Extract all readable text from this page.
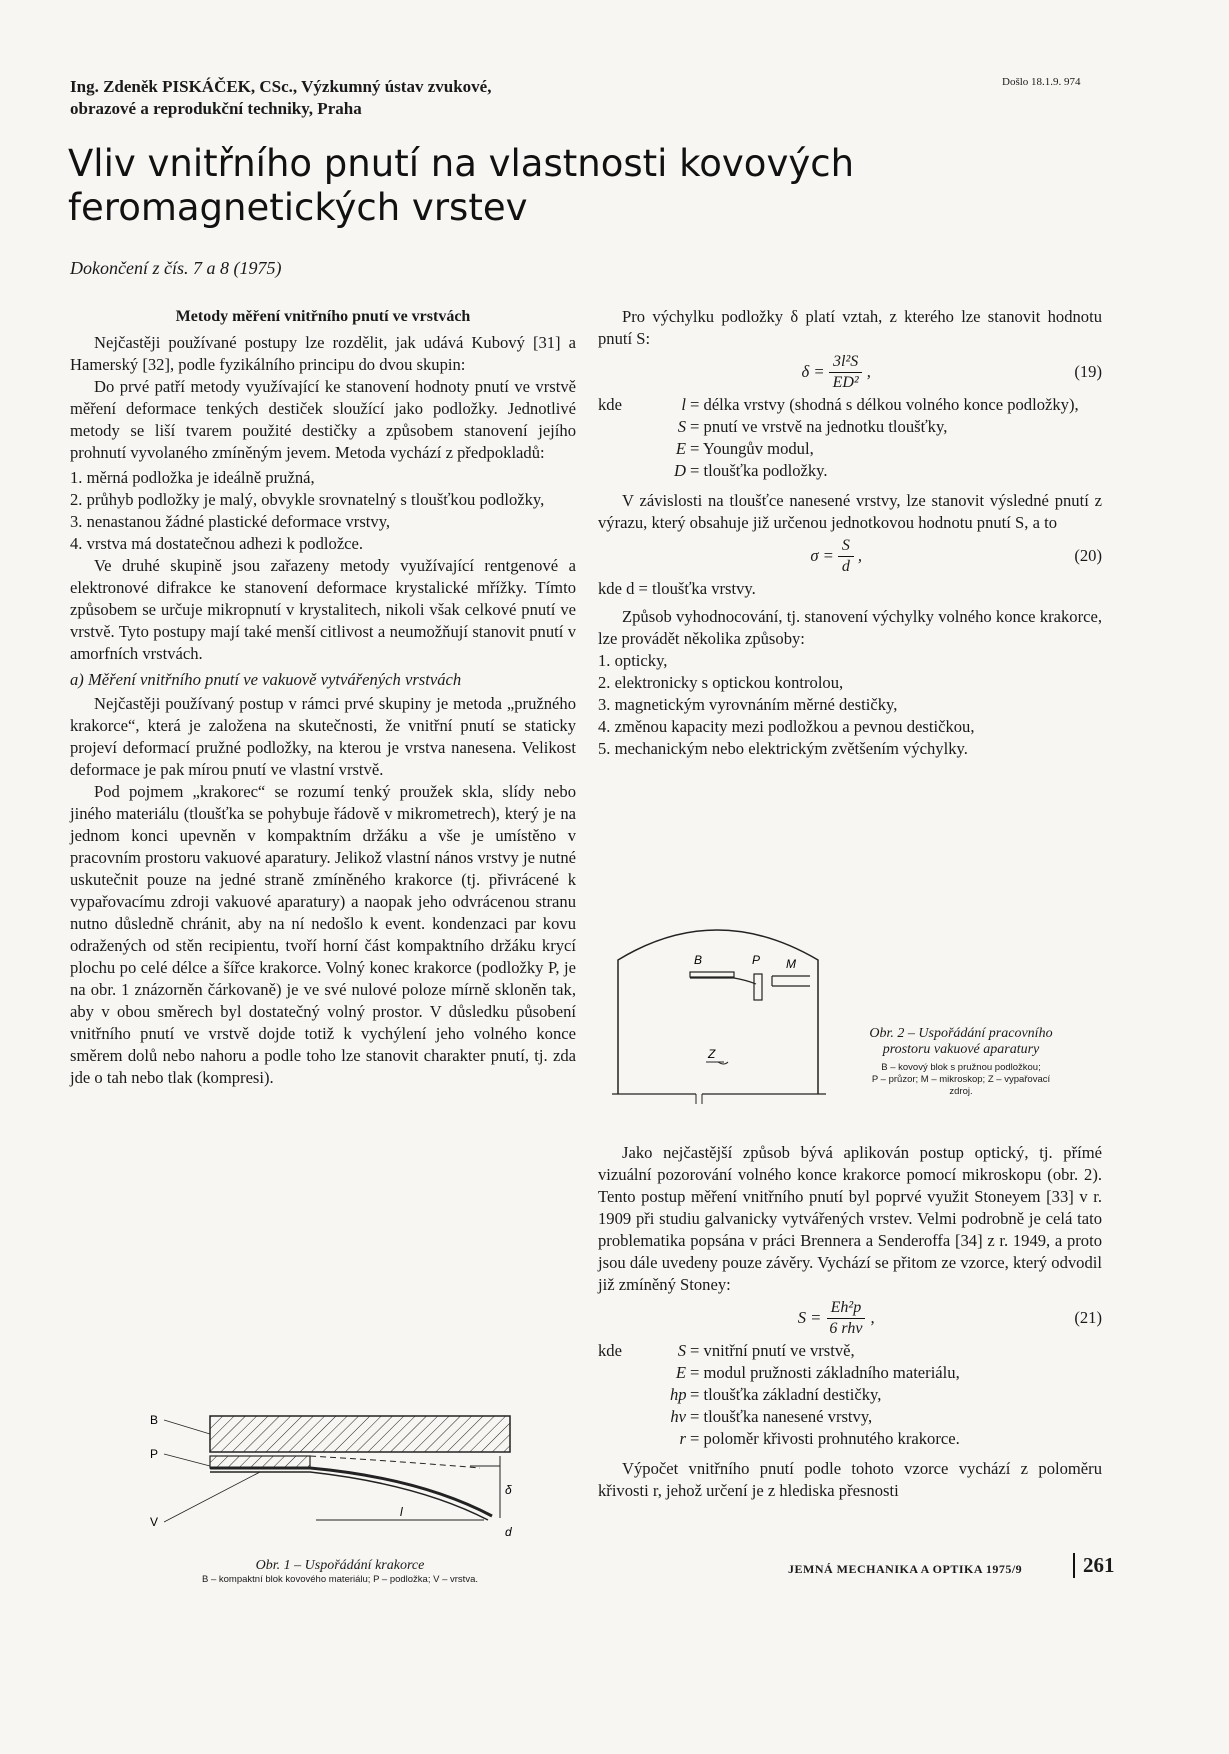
Ing. Zdeněk PISKÁČEK, CSc., Výzkumný ústav zvukové,
obrazové a reprodukční techniky, Praha
Došlo 18.1.9. 974
Vliv vnitřního pnutí na vlastnosti kovových
feromagnetických vrstev
Dokončení z čís. 7 a 8 (1975)

Metody měření vnitřního pnutí ve vrstvách

Nejčastěji používané postupy lze rozdělit, jak udává Kubový [31] a Hamerský [32], podle fyzikálního principu do dvou skupin:

Do prvé patří metody využívající ke stanovení hodnoty pnutí ve vrstvě měření deformace tenkých destiček sloužící jako podložky. Jednotlivé metody se liší tvarem použité destičky a způsobem stanovení jejího prohnutí vyvolaného zmíněným jevem. Metoda vychází z předpokladů:

1. měrná podložka je ideálně pružná,

2. průhyb podložky je malý, obvykle srovnatelný s tloušťkou podložky,

3. nenastanou žádné plastické deformace vrstvy,

4. vrstva má dostatečnou adhezi k podložce.

Ve druhé skupině jsou zařazeny metody využívající rentgenové a elektronové difrakce ke stanovení deformace krystalické mřížky. Tímto způsobem se určuje mikropnutí v krystalitech, nikoli však celkové pnutí ve vrstvě. Tyto postupy mají také menší citlivost a neumožňují stanovit pnutí v amorfních vrstvách.

a) Měření vnitřního pnutí ve vakuově vytvářených vrstvách

Nejčastěji používaný postup v rámci prvé skupiny je metoda „pružného krakorce“, která je založena na skutečnosti, že vnitřní pnutí se staticky projeví deformací pružné podložky, na kterou je vrstva nanesena. Velikost deformace je pak mírou pnutí ve vlastní vrstvě.

Pod pojmem „krakorec“ se rozumí tenký proužek skla, slídy nebo jiného materiálu (tloušťka se pohybuje řádově v mikrometrech), který je na jednom konci upevněn v kompaktním držáku a vše je umístěno v pracovním prostoru vakuové aparatury. Jelikož vlastní nános vrstvy je nutné uskutečnit pouze na jedné straně zmíněného krakorce (tj. přivrácené k vypařovacímu zdroji vakuové aparatury) a naopak jeho odvrácenou stranu nutno důsledně chránit, aby na ní nedošlo k event. kondenzaci par kovu odražených od stěn recipientu, tvoří horní část kompaktního držáku krycí plochu po celé délce a šířce krakorce. Volný konec krakorce (podložky P, je na obr. 1 znázorněn čárkovaně) je ve své nulové poloze mírně skloněn tak, aby v obou směrech byl dostatečný volný prostor. V důsledku působení vnitřního pnutí ve vrstvě dojde totiž k vychýlení jeho volného konce směrem dolů nebo nahoru a podle toho lze stanovit charakter pnutí, tj. zda jde o tah nebo tlak (kompresi).

B
P
V
l
δ
d
Obr. 1 – Uspořádání krakorce
B – kompaktní blok kovového materiálu; P – podložka; V – vrstva.

Pro výchylku podložky δ platí vztah, z kterého lze stanovit hodnotu pnutí S:

$\delta = \frac{\text{3l²S}}{\text{ED²}}$ ,	(19)
kde	l = délka vrstvy (shodná s délkou volného konce podložky),
S = pnutí ve vrstvě na jednotku tloušťky,
E = Youngův modul,
D = tloušťka podložky.

V závislosti na tloušťce nanesené vrstvy, lze stanovit výsledné pnutí z výrazu, který obsahuje již určenou jednotkovou hodnotu pnutí S, a to

$\sigma = \frac{S}{d}$ ,	(20)

kde d = tloušťka vrstvy.

Způsob vyhodnocování, tj. stanovení výchylky volného konce krakorce, lze provádět několika způsoby:

1. opticky,

2. elektronicky s optickou kontrolou,

3. magnetickým vyrovnáním měrné destičky,

4. změnou kapacity mezi podložkou a pevnou destičkou,

5. mechanickým nebo elektrickým zvětšením výchylky.

B	P M
Z
Obr. 2 – Uspořádání pracovního
prostoru vakuové aparatury
B – kovový blok s pružnou podložkou;
P – průzor; M – mikroskop; Z – vypařovací
zdroj.

Jako nejčastější způsob bývá aplikován postup optický, tj. přímé vizuální pozorování volného konce krakorce pomocí mikroskopu (obr. 2). Tento postup měření vnitřního pnutí byl poprvé využit Stoneyem [33] v r. 1909 při studiu galvanicky vytvářených vrstev. Velmi podrobně je celá tato problematika popsána v práci Brennera a Senderoffa [34] z r. 1949, a proto jsou dále uvedeny pouze závěry. Vychází se přitom ze vzorce, který odvodil již zmíněný Stoney:

$S = \frac{\text{Eh²p}}{\text{6 rhv}}$ ,	(21)
kde	S = vnitřní pnutí ve vrstvě,
E = modul pružnosti základního materiálu,
hp = tloušťka základní destičky,
hv = tloušťka nanesené vrstvy,
r = poloměr křivosti prohnutého krakorce.

Výpočet vnitřního pnutí podle tohoto vzorce vychází z poloměru křivosti r, jehož určení je z hlediska přesnosti

JEMNÁ MECHANIKA A OPTIKA 1975/9	261
